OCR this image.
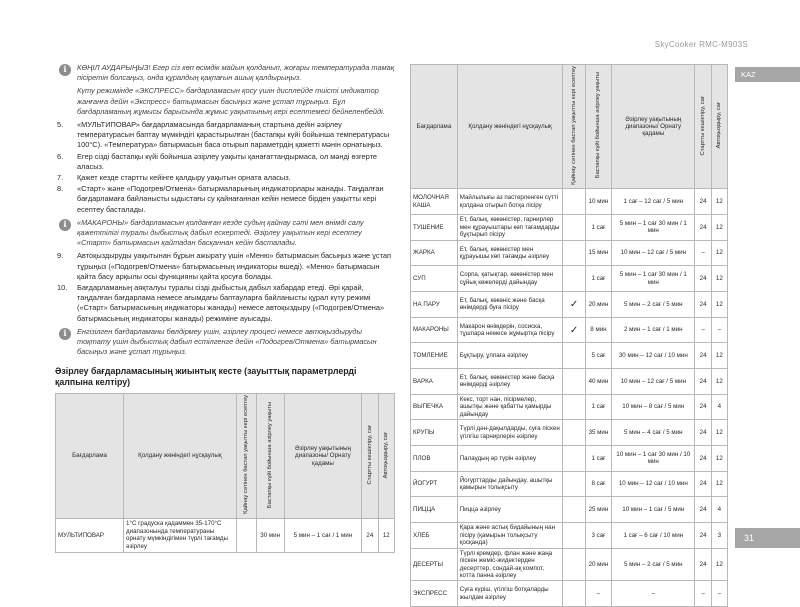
SkyCooker RMC-M903S
KAZ
31
i	КӨҢІЛ АУДАРЫҢЫЗ! Егер сіз көп өсімдік майын қолданып, жоғары температурада тамақ пісіретін болсаңыз, онда құралдың қақпағын ашық қалдырыңыз.

Күту режимінде «ЭКСПРЕСС» бағдарламасын қосу үшін дисплейде тиісті индикатор жанғанға дейін «Экспресс» батырмасын басыңыз және ұстап тұрыңыз. Бұл бағдарламаның жұмысы барысында жұмыс уақытының кері есептемесі бейнеленбейді.

5. «МУЛЬТИПОВАР» бағдарламасында бағдарламаның стартына дейін әзірлеу температурасын баптау мүмкіндігі қарастырылған (бастапқы күйі бойынша температурасы 100°С). «Температура» батырмасын баса отырып параметрдің қажетті мәнін орнатыңыз.
6. Егер сізді бастапқы күйі бойынша әзірлеу уақыты қанағаттандырмаса, ол мәнді өзгерте аласыз.
7. Қажет кезде стартты кейінге қалдыру уақытын орната аласыз.
8. «Старт» және «Подогрев/Отмена» батырмаларының индикаторлары жанады. Таңдалған бағдарламаға байланысты ыдыстағы су қайнағаннан кейін немесе бірден уақытты кері есептеу басталады.
i	«МАКАРОНЫ» бағдарламасын қолданған кезде судың қайнау сәті мен өнімді салу қажеттілігі туралы дыбыстық дабыл ескертеді. Әзірлеу уақытын кері есептеу «Старт» батырмасын қайтадан басқаннан кейін басталады.

9. Автоқыздыруды уақытынан бұрын ажырату үшін «Меню» батырмасын басыңыз және ұстап тұрыңыз («Подогрев/Отмена» батырмасының индикаторы өшеді). «Меню» батырмасын қайта басу арқылы осы функцияны қайта қосуға болады.
10. Бағдарламаның аяқталуы туралы сізді дыбыстық дабыл хабардар етеді. Әрі қарай, таңдалған бағдарлама немесе ағымдағы баптауларға байланысты құрал күту режимі («Старт» батырмасының индикаторы жанады) немесе автоқыздыру («Подогрев/Отмена» батырмасының индикаторы жанады) режиміне ауысады.
i	Енгізілген бағдарламаны бөлдірмеу үшін, әзірлеу процесі немесе автоқыздыруды тоқтату үшін дыбыстық дабыл естілгенге дейін «Подогрев/Отмена» батырмасын басыңыз және ұстап тұрыңыз.

Әзірлеу бағдарламасының жиынтық кесте (зауыттық параметрлерді қалпына келтіру)
Бағдарлама	Қолдану жөніндегі нұсқаулық	Қайнау сәтінен бастап уақытты кері есептеу	Бастапқы күйі бойынша әзірлеу уақыты	Әзірлеу уақытының диапазоны/ Орнату қадамы	Стартты кешіктіру, сағ	Автоқыздыру, сағ
МУЛЬТИПОВАР	1°С градуска қадаммен 35-170°С диапазонында температураны орнату мүмкіндігімен түрлі тағамды әзірлеу		30 мин	5 мин – 1 сағ / 1 мин	24	12
Бағдарлама	Қолдану жөніндегі нұсқаулық	Қайнау сәтінен бастап уақытты кері есептеу	Бастапқы күйі бойынша әзірлеу уақыты	Әзірлеу уақытының диапазоны/ Орнату қадамы	Стартты кешіктіру, сағ	Автоқыздыру, сағ
МОЛОЧНАЯ КАША	Майлылығы аз пастерленген сүтті қолдана отырып ботқа пісіру		10 мин	1 сағ – 12 сағ / 5 мин	24	12
ТУШЕНИЕ	Ет, балық, көкөністер, гарнирлер мен құрауыштары көп тағамдарды бұқтырып пісіру		1 сағ	5 мин – 1 сағ 30 мин / 1 мин	24	12
ЖАРКА	Ет, балық, көкөністер мен құрауышы көп тағамды әзірлеу		15 мин	10 мин – 12 сағ / 5 мин	–	12
СУП	Сорпа, қатықтар, көкөністер мен сұйық көжелерді дайындау		1 сағ	5 мин – 1 сағ 30 мин / 1 мин	24	12
НА ПАРУ	Ет, балық, көкөніс және басқа өнімдерді буға пісіру	✓	20 мин	5 мин – 2 сағ / 5 мин	24	12
МАКАРОНЫ	Макарон өнімдерін, сосиска, тұшпара немесе жұмыртқа пісіру	✓	8 мин	2 мин – 1 сағ / 1 мин	–	–
ТОМЛЕНИЕ	Бұқтыру, ұлпаға әзірлеу		5 сағ	30 мин – 12 сағ / 10 мин	24	12
ВАРКА	Ет, балық, көкөністер және басқа өнімдерді әзірлеу		40 мин	10 мин – 12 сағ / 5 мин	24	12
ВЫПЕЧКА	Кекс, торт нан, пісірмелер, ашытқы және қабатты қамырды дайындау		1 сағ	10 мин – 8 сағ / 5 мин	24	4
КРУПЫ	Түрлі дән-дақылдарды, суға піскен үгілгіш гарнирлерін әзірлеу		35 мин	5 мин – 4 сағ / 5 мин	24	12
ПЛОВ	Палаудың әр түрін әзірлеу		1 сағ	10 мин – 1 сағ 30 мин / 10 мин	24	12
ЙОГУРТ	Йогурттарды дайындау, ашытқы қамырын толықсыту		8 сағ	10 мин – 12 сағ / 10 мин	24	12
ПИЦЦА	Пицца әзірлеу		25 мин	10 мин – 1 сағ / 5 мин	24	4
ХЛЕБ	Қара және астық бидайының нан пісіру (қамырын толықсыту қосқанда)		3 сағ	1 сағ – 6 сағ / 10 мин	24	3
ДЕСЕРТЫ	Түрлі кремдер, флан және жаңа піскен жеміс-жидектерден десерттер, сондай-ақ компот, котта панна әзірлеу		20 мин	5 мин – 2 сағ / 5 мин	24	12
ЭКСПРЕСС	Суға күріш, үгілгіш ботқаларды жылдам әзірлеу		–	–	–	–
